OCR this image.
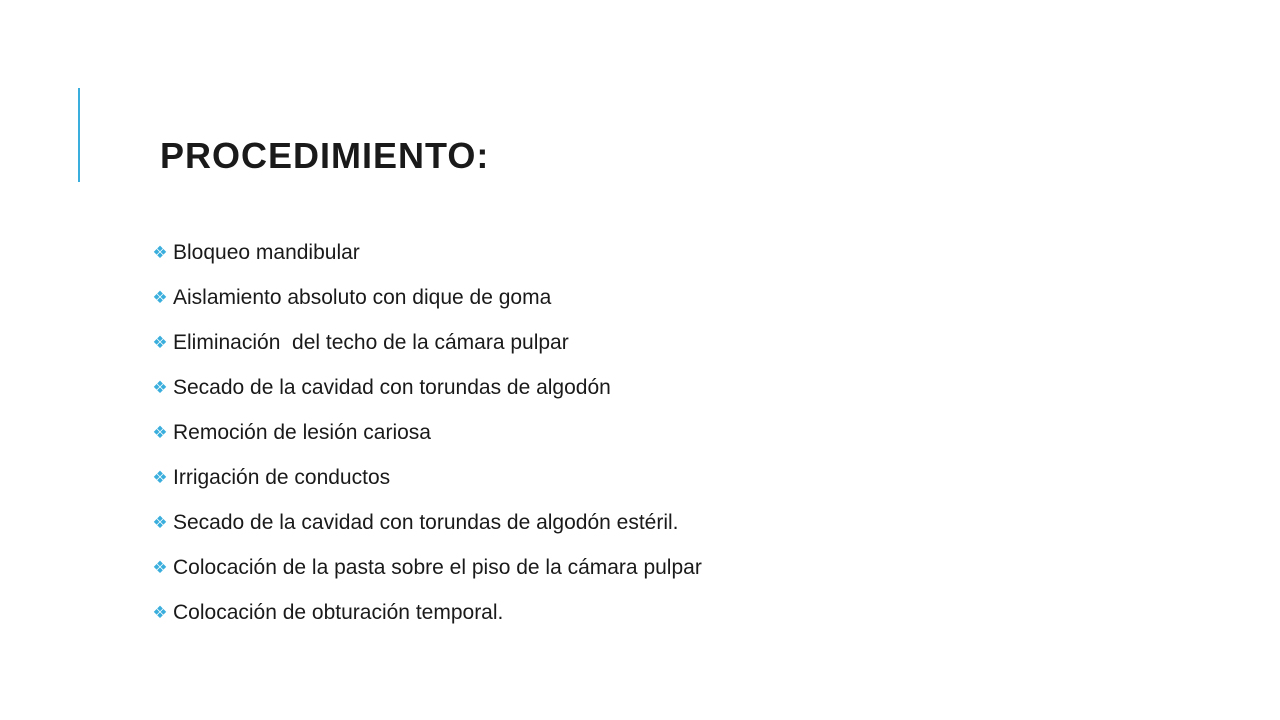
PROCEDIMIENTO:
❖ Bloqueo mandibular
❖ Aislamiento absoluto con dique de goma
❖ Eliminación  del techo de la cámara pulpar
❖ Secado de la cavidad con torundas de algodón
❖ Remoción de lesión cariosa
❖ Irrigación de conductos
❖ Secado de la cavidad con torundas de algodón estéril.
❖ Colocación de la pasta sobre el piso de la cámara pulpar
❖ Colocación de obturación temporal.
